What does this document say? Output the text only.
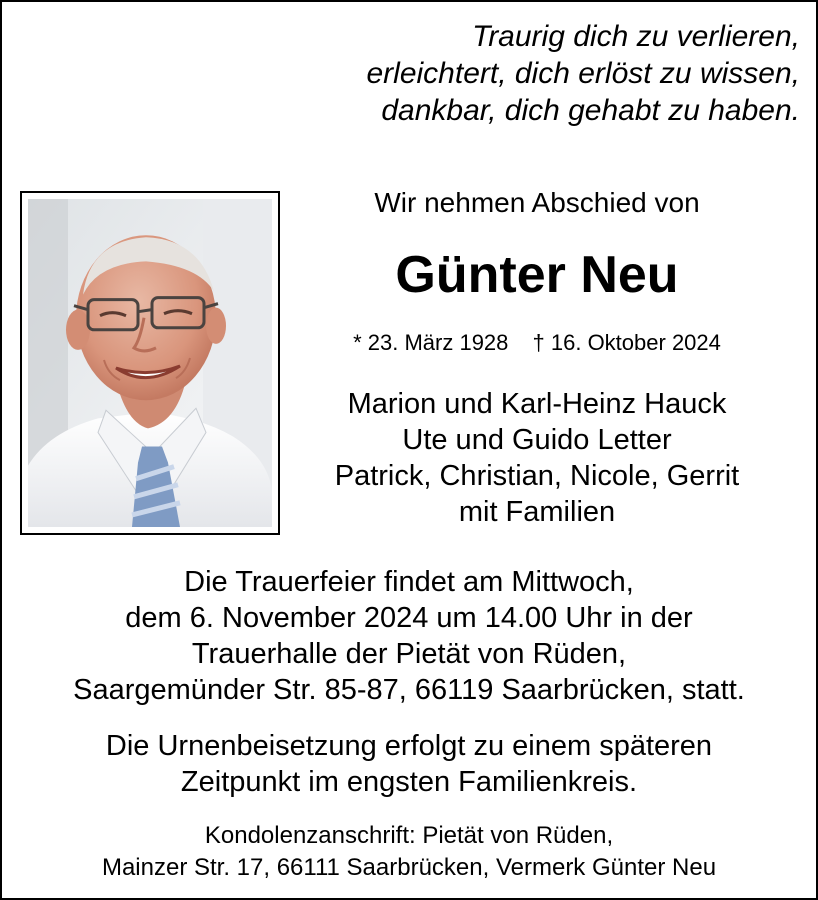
Traurig dich zu verlieren,
erleichtert, dich erlöst zu wissen,
dankbar, dich gehabt zu haben.
Wir nehmen Abschied von
Günter Neu
* 23. März 1928 † 16. Oktober 2024
Marion und Karl-Heinz Hauck
Ute und Guido Letter
Patrick, Christian, Nicole, Gerrit
mit Familien
Die Trauerfeier findet am Mittwoch,
dem 6. November 2024 um 14.00 Uhr in der
Trauerhalle der Pietät von Rüden,
Saargemünder Str. 85-87, 66119 Saarbrücken, statt.
Die Urnenbeisetzung erfolgt zu einem späteren
Zeitpunkt im engsten Familienkreis.
Kondolenzanschrift: Pietät von Rüden,
Mainzer Str. 17, 66111 Saarbrücken, Vermerk Günter Neu
